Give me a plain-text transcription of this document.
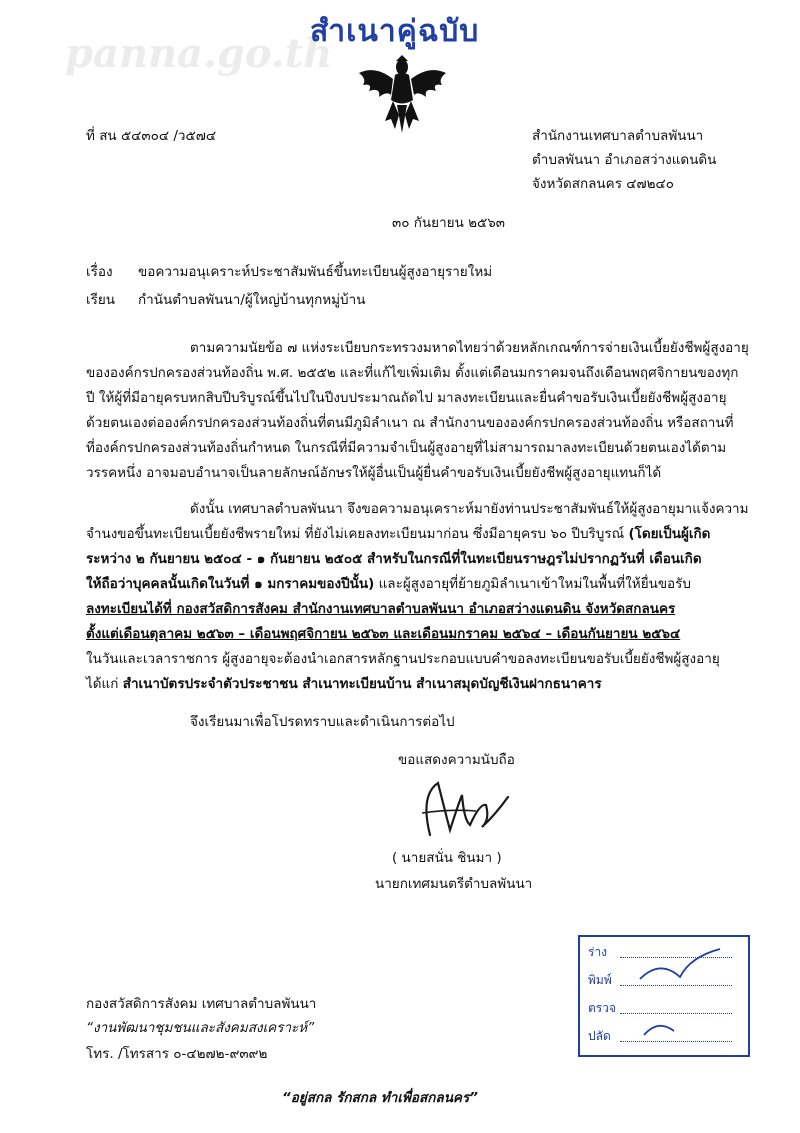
panna.go.th
สำเนาคู่ฉบับ
ที่ สน ๕๔๓๐๔ /ว๕๗๔	สำนักงานเทศบาลตำบลพันนา
ตำบลพันนา อำเภอสว่างแดนดิน
จังหวัดสกลนคร ๔๗๒๔๐
๓๐ กันยายน ๒๕๖๓
เรื่อง ขอความอนุเคราะห์ประชาสัมพันธ์ขึ้นทะเบียนผู้สูงอายุรายใหม่
เรียน กำนันตำบลพันนา/ผู้ใหญ่บ้านทุกหมู่บ้าน
ตามความนัยข้อ ๗ แห่งระเบียบกระทรวงมหาดไทยว่าด้วยหลักเกณฑ์การจ่ายเงินเบี้ยยังชีพผู้สูงอายุ
ขององค์กรปกครองส่วนท้องถิ่น พ.ศ. ๒๕๕๒ และที่แก้ไขเพิ่มเติม ตั้งแต่เดือนมกราคมจนถึงเดือนพฤศจิกายนของทุก
ปี ให้ผู้ที่มีอายุครบหกสิบปีบริบูรณ์ขึ้นไปในปีงบประมาณถัดไป มาลงทะเบียนและยื่นคำขอรับเงินเบี้ยยังชีพผู้สูงอายุ
ด้วยตนเองต่อองค์กรปกครองส่วนท้องถิ่นที่ตนมีภูมิลำเนา ณ สำนักงานขององค์กรปกครองส่วนท้องถิ่น หรือสถานที่
ที่องค์กรปกครองส่วนท้องถิ่นกำหนด ในกรณีที่มีความจำเป็นผู้สูงอายุที่ไม่สามารถมาลงทะเบียนด้วยตนเองได้ตาม
วรรคหนึ่ง อาจมอบอำนาจเป็นลายลักษณ์อักษรให้ผู้อื่นเป็นผู้ยื่นคำขอรับเงินเบี้ยยังชีพผู้สูงอายุแทนก็ได้
ดังนั้น เทศบาลตำบลพันนา จึงขอความอนุเคราะห์มายังท่านประชาสัมพันธ์ให้ผู้สูงอายุมาแจ้งความ
จำนงขอขึ้นทะเบียนเบี้ยยังชีพรายใหม่ ที่ยังไม่เคยลงทะเบียนมาก่อน ซึ่งมีอายุครบ ๖๐ ปีบริบูรณ์ (โดยเป็นผู้เกิด
ระหว่าง ๒ กันยายน ๒๕๐๔ - ๑ กันยายน ๒๕๐๕ สำหรับในกรณีที่ในทะเบียนราษฎรไม่ปรากฏวันที่ เดือนเกิด
ให้ถือว่าบุคคลนั้นเกิดในวันที่ ๑ มกราคมของปีนั้น) และผู้สูงอายุที่ย้ายภูมิลำเนาเข้าใหม่ในพื้นที่ให้ยื่นขอรับ
ลงทะเบียนได้ที่ กองสวัสดิการสังคม สำนักงานเทศบาลตำบลพันนา อำเภอสว่างแดนดิน จังหวัดสกลนคร
ตั้งแต่เดือนตุลาคม ๒๕๖๓ – เดือนพฤศจิกายน ๒๕๖๓ และเดือนมกราคม ๒๕๖๔ – เดือนกันยายน ๒๕๖๔
ในวันและเวลาราชการ ผู้สูงอายุจะต้องนำเอกสารหลักฐานประกอบแบบคำขอลงทะเบียนขอรับเบี้ยยังชีพผู้สูงอายุ
ได้แก่ สำเนาบัตรประจำตัวประชาชน สำเนาทะเบียนบ้าน สำเนาสมุดบัญชีเงินฝากธนาคาร
จึงเรียนมาเพื่อโปรดทราบและดำเนินการต่อไป
ขอแสดงความนับถือ
( นายสนั่น ชินมา )
นายกเทศมนตรีตำบลพันนา
ร่าง
พิมพ์
ตรวจ
ปลัด
กองสวัสดิการสังคม เทศบาลตำบลพันนา
“งานพัฒนาชุมชนและสังคมสงเคราะห์”
โทร. /โทรสาร ๐-๔๒๗๒-๙๓๙๒
“อยู่สกล รักสกล ทำเพื่อสกลนคร”
